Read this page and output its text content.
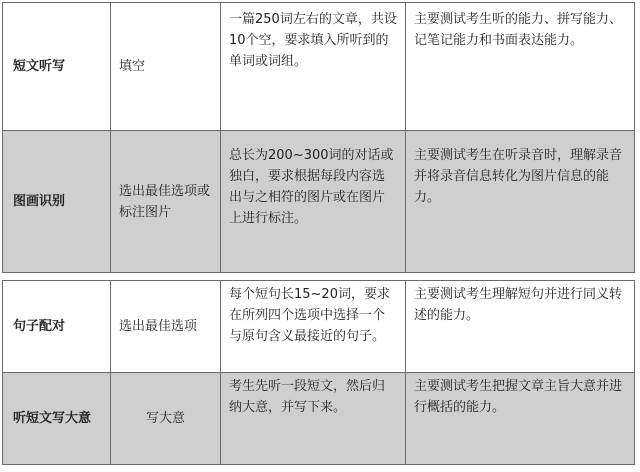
短文听写	填空	一篇250词左右的文章，共设10个空，要求填入所听到的单词或词组。	主要测试考生听的能力、拼写能力、记笔记能力和书面表达能力。
图画识别	选出最佳选项或标注图片	总长为200~300词的对话或独白，要求根据每段内容选出与之相符的图片或在图片上进行标注。	主要测试考生在听录音时，理解录音并将录音信息转化为图片信息的能力。
句子配对	选出最佳选项	每个短句长15~20词，要求在所列四个选项中选择一个与原句含义最接近的句子。	主要测试考生理解短句并进行同义转述的能力。
听短文写大意	写大意	考生先听一段短文，然后归纳大意，并写下来。	主要测试考生把握文章主旨大意并进行概括的能力。
